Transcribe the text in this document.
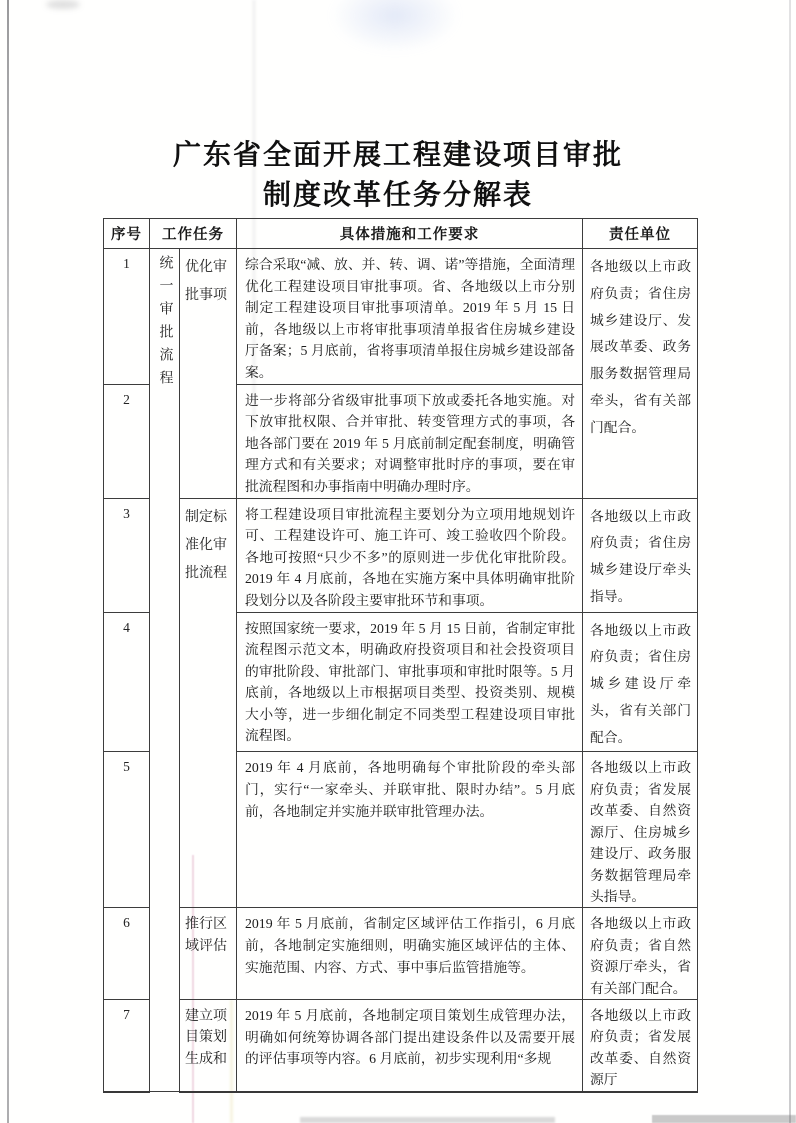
广东省全面开展工程建设项目审批
制度改革任务分解表
序号	工作任务		具体措施和工作要求	责任单位
1	统一审批流程	优化审批事项	综合采取“减、放、并、转、调、诺”等措施，全面清理优化工程建设项目审批事项。省、各地级以上市分别制定工程建设项目审批事项清单。2019 年 5 月 15 日前，各地级以上市将审批事项清单报省住房城乡建设厅备案；5 月底前，省将事项清单报住房城乡建设部备案。	各地级以上市政府负责；省住房城乡建设厅、发展改革委、政务服务数据管理局牵头，省有关部门配合。
2			进一步将部分省级审批事项下放或委托各地实施。对下放审批权限、合并审批、转变管理方式的事项，各地各部门要在 2019 年 5 月底前制定配套制度，明确管理方式和有关要求；对调整审批时序的事项，要在审批流程图和办事指南中明确办理时序。	
3		制定标准化审批流程	将工程建设项目审批流程主要划分为立项用地规划许可、工程建设许可、施工许可、竣工验收四个阶段。各地可按照“只少不多”的原则进一步优化审批阶段。2019 年 4 月底前，各地在实施方案中具体明确审批阶段划分以及各阶段主要审批环节和事项。	各地级以上市政府负责；省住房城乡建设厅牵头指导。
4			按照国家统一要求，2019 年 5 月 15 日前，省制定审批流程图示范文本，明确政府投资项目和社会投资项目的审批阶段、审批部门、审批事项和审批时限等。5 月底前，各地级以上市根据项目类型、投资类别、规模大小等，进一步细化制定不同类型工程建设项目审批流程图。	各地级以上市政府负责；省住房城乡建设厅牵头，省有关部门配合。
5			2019 年 4 月底前，各地明确每个审批阶段的牵头部门，实行“一家牵头、并联审批、限时办结”。5 月底前，各地制定并实施并联审批管理办法。	各地级以上市政府负责；省发展改革委、自然资源厅、住房城乡建设厅、政务服务数据管理局牵头指导。
6		推行区域评估	2019 年 5 月底前，省制定区域评估工作指引，6 月底前，各地制定实施细则，明确实施区域评估的主体、实施范围、内容、方式、事中事后监管措施等。	各地级以上市政府负责；省自然资源厅牵头，省有关部门配合。
7		建立项目策划生成和	2019 年 5 月底前，各地制定项目策划生成管理办法，明确如何统筹协调各部门提出建设条件以及需要开展的评估事项等内容。6 月底前，初步实现利用“多规	各地级以上市政府负责；省发展改革委、自然资源厅
